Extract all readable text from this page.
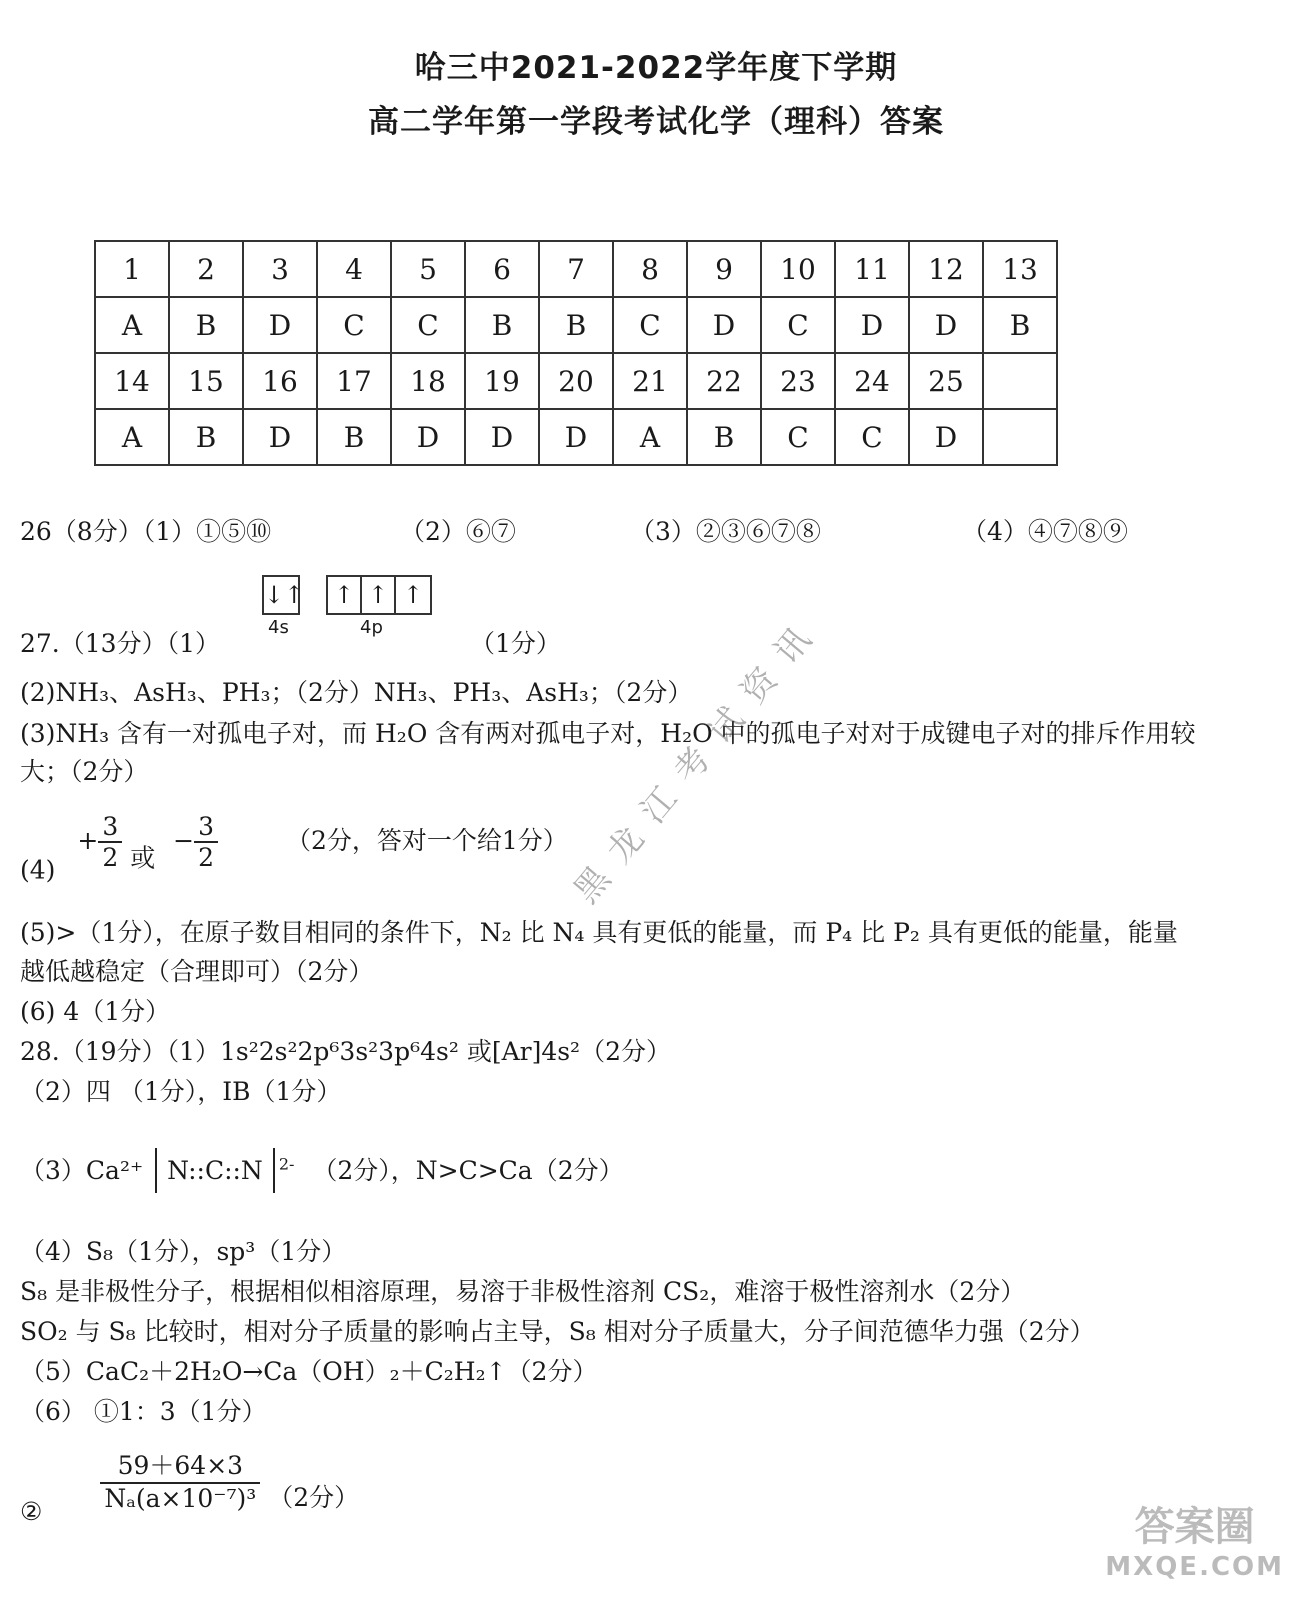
哈三中2021-2022学年度下学期
高二学年第一学段考试化学（理科）答案
1	2	3	4	5	6	7	8	9	10	11	12	13
A	B	D	C	C	B	B	C	D	C	D	D	B
14	15	16	17	18	19	20	21	22	23	24	25	
A	B	D	B	D	D	D	A	B	C	C	D	
26（8分）（1）①⑤⑩	（2）⑥⑦	（3）②③⑥⑦⑧	（4）④⑦⑧⑨
↓↑	↑ ↑ ↑
4s	4p
27.（13分）（1）	（1分）
(2)NH₃、AsH₃、PH₃；（2分）NH₃、PH₃、AsH₃；（2分）
(3)NH₃ 含有一对孤电子对，而 H₂O 含有两对孤电子对，H₂O 中的孤电子对对于成键电子对的排斥作用较
大；（2分）
$(4) + \frac{3}{2}$ 或 − $\frac{3}{2}$	（2分，答对一个给1分）
(5)>（1分），在原子数目相同的条件下，N₂ 比 N₄ 具有更低的能量，而 P₄ 比 P₂ 具有更低的能量，能量
越低越稳定（合理即可）（2分）
(6) 4（1分）
28.（19分）（1）1s²2s²2p⁶3s²3p⁶4s² 或[Ar]4s²（2分）
（2）四 （1分），ⅠB（1分）
（3）Ca²⁺ N::C::N $^{2-}$ （2分），N>C>Ca（2分）
（4）S₈（1分），sp³（1分）
S₈ 是非极性分子，根据相似相溶原理，易溶于非极性溶剂 CS₂，难溶于极性溶剂水（2分）
SO₂ 与 S₈ 比较时，相对分子质量的影响占主导，S₈ 相对分子质量大，分子间范德华力强（2分）
（5）CaC₂＋2H₂O→Ca（OH）₂＋C₂H₂↑（2分）
（6） ①1：3（1分）
② $\frac{59+64\times 3}{\text{Nₐ(a×10⁻⁷)³}} (2$分）
黑龙江考试资讯
答案圈
MXQE.COM
